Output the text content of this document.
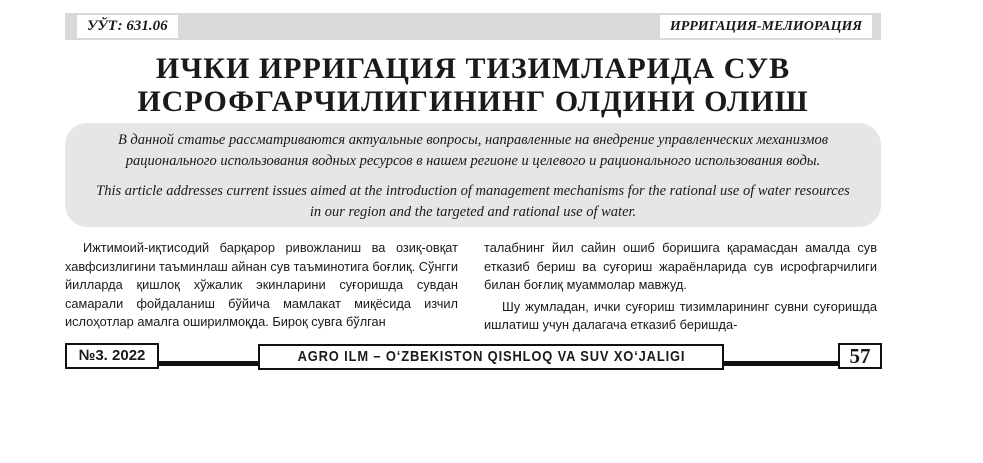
УЎТ: 631.06	ИРРИГАЦИЯ-МЕЛИОРАЦИЯ
ИЧКИ ИРРИГАЦИЯ ТИЗИМЛАРИДА СУВ
ИСРОФГАРЧИЛИГИНИНГ ОЛДИНИ ОЛИШ
В данной статье рассматриваются актуальные вопросы, направленные на внедрение управленческих механизмов рационального использования водных ресурсов в нашем регионе и целевого и рационального использования воды.
This article addresses current issues aimed at the introduction of management mechanisms for the rational use of water resources in our region and the targeted and rational use of water.

Ижтимоий-иқтисодий барқарор ривожланиш ва озиқ-овқат хавфсизлигини таъминлаш айнан сув таъминотига боғлиқ. Сўнгги йилларда қишлоқ хўжалик экинларини суғоришда сувдан самарали фойдаланиш бўйича мамлакат миқёсида изчил ислоҳотлар амалга оширилмоқда. Бироқ сувга бўлган

талабнинг йил сайин ошиб боришига қарамасдан амалда сув етказиб бериш ва суғориш жараёнларида сув исрофгарчилиги билан боғлиқ муаммолар мавжуд.

Шу жумладан, ички суғориш тизимларининг сувни суғоришда ишлатиш учун далагача етказиб беришда-

№3. 2022	AGRO ILM – O‘ZBEKISTON QISHLOQ VA SUV XO‘JALIGI	57
